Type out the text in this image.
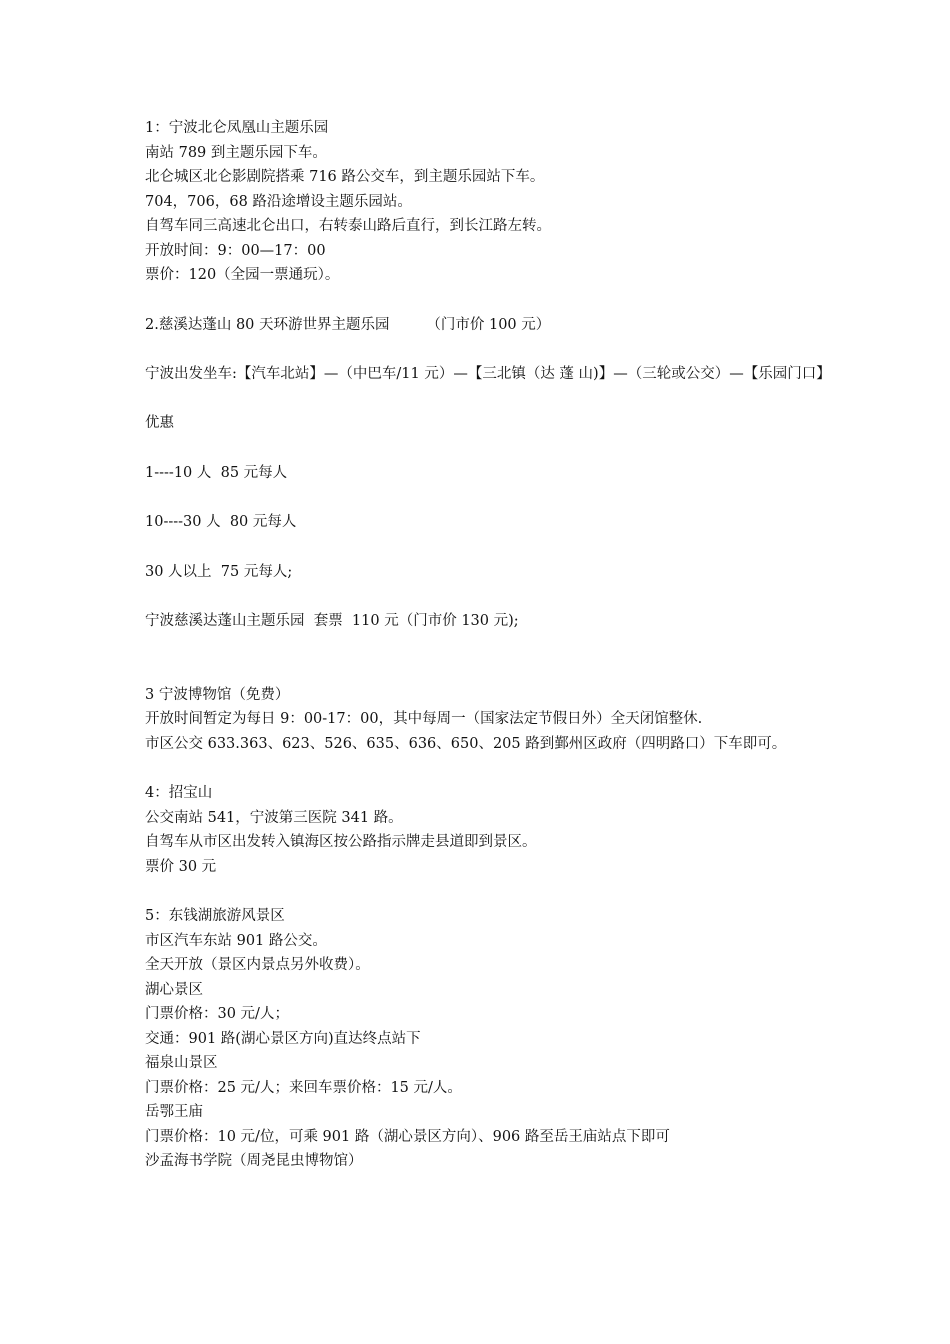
1：宁波北仑凤凰山主题乐园
南站 789 到主题乐园下车。
北仑城区北仑影剧院搭乘 716 路公交车，到主题乐园站下车。
704，706，68 路沿途增设主题乐园站。
自驾车同三高速北仑出口，右转泰山路后直行，到长江路左转。
开放时间：9：00—17：00
票价：120（全园一票通玩）。
2.慈溪达蓬山 80 天环游世界主题乐园        （门市价 100 元）
宁波出发坐车:【汽车北站】—（中巴车/11 元）—【三北镇（达 蓬 山)】—（三轮或公交）—【乐园门口】
优惠
1----10 人  85 元每人
10----30 人  80 元每人
30 人以上  75 元每人;
宁波慈溪达蓬山主题乐园  套票  110 元（门市价 130 元);
3 宁波博物馆（免费）
开放时间暂定为每日 9：00-17：00，其中每周一（国家法定节假日外）全天闭馆整休.
市区公交 633.363、623、526、635、636、650、205 路到鄞州区政府（四明路口）下车即可。
4：招宝山
公交南站 541，宁波第三医院 341 路。
自驾车从市区出发转入镇海区按公路指示牌走县道即到景区。
票价 30 元
5：东钱湖旅游风景区
市区汽车东站 901 路公交。
全天开放（景区内景点另外收费）。
湖心景区
门票价格：30 元/人；
交通：901 路(湖心景区方向)直达终点站下
福泉山景区
门票价格：25 元/人；来回车票价格：15 元/人。
岳鄂王庙
门票价格：10 元/位，可乘 901 路（湖心景区方向）、906 路至岳王庙站点下即可
沙孟海书学院（周尧昆虫博物馆）
